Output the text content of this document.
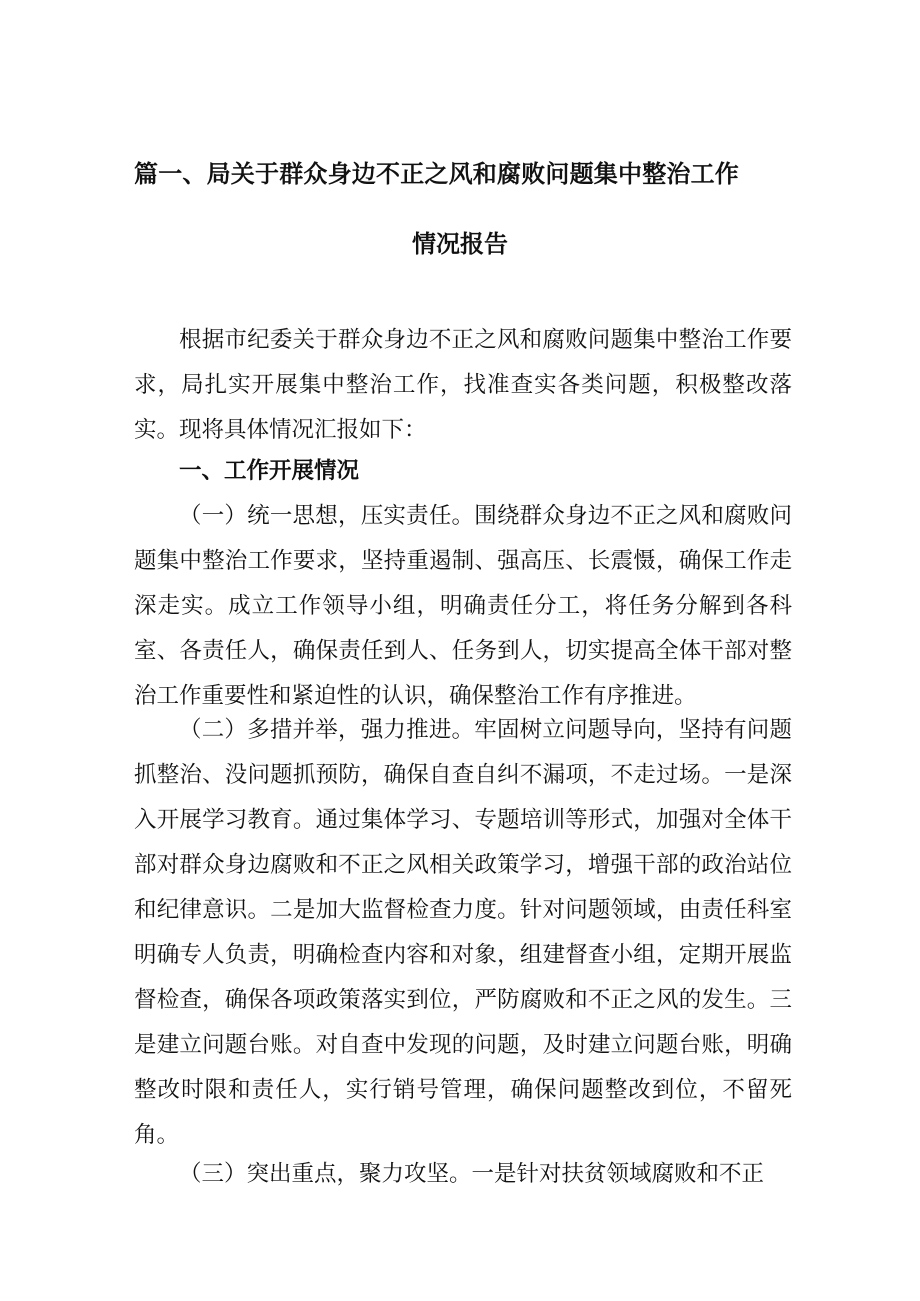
篇一、局关于群众身边不正之风和腐败问题集中整治工作
情况报告

根据市纪委关于群众身边不正之风和腐败问题集中整治工作要求，局扎实开展集中整治工作，找准查实各类问题，积极整改落实。现将具体情况汇报如下：

一、工作开展情况

（一）统一思想，压实责任。围绕群众身边不正之风和腐败问题集中整治工作要求，坚持重遏制、强高压、长震慑，确保工作走深走实。成立工作领导小组，明确责任分工，将任务分解到各科室、各责任人，确保责任到人、任务到人，切实提高全体干部对整治工作重要性和紧迫性的认识，确保整治工作有序推进。

（二）多措并举，强力推进。牢固树立问题导向，坚持有问题抓整治、没问题抓预防，确保自查自纠不漏项，不走过场。一是深入开展学习教育。通过集体学习、专题培训等形式，加强对全体干部对群众身边腐败和不正之风相关政策学习，增强干部的政治站位和纪律意识。二是加大监督检查力度。针对问题领域，由责任科室明确专人负责，明确检查内容和对象，组建督查小组，定期开展监督检查，确保各项政策落实到位，严防腐败和不正之风的发生。三是建立问题台账。对自查中发现的问题，及时建立问题台账，明确整改时限和责任人，实行销号管理，确保问题整改到位，不留死角。

（三）突出重点，聚力攻坚。一是针对扶贫领域腐败和不正
